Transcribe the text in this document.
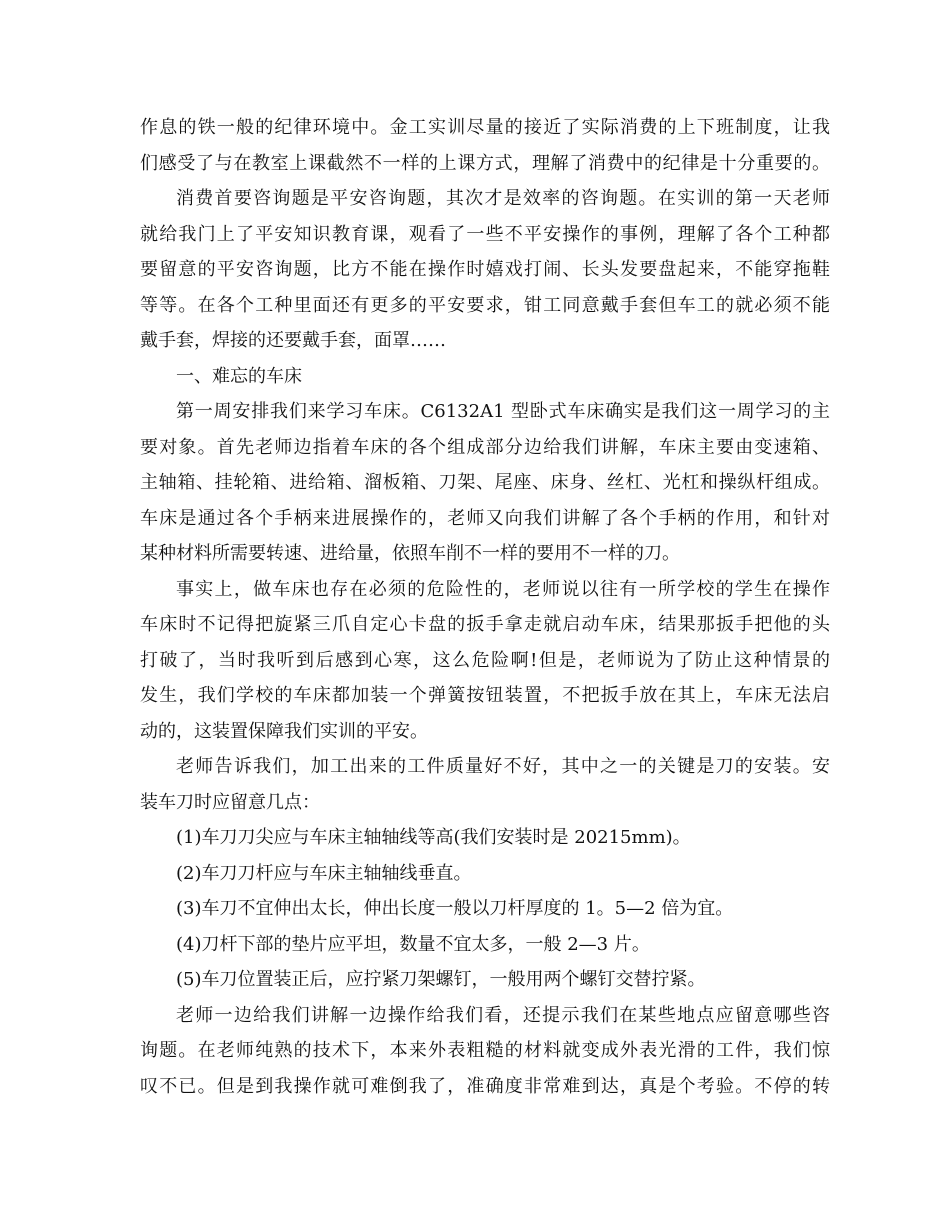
作息的铁一般的纪律环境中。金工实训尽量的接近了实际消费的上下班制度，让我
们感受了与在教室上课截然不一样的上课方式，理解了消费中的纪律是十分重要的。
消费首要咨询题是平安咨询题，其次才是效率的咨询题。在实训的第一天老师
就给我门上了平安知识教育课，观看了一些不平安操作的事例，理解了各个工种都
要留意的平安咨询题，比方不能在操作时嬉戏打闹、长头发要盘起来，不能穿拖鞋
等等。在各个工种里面还有更多的平安要求，钳工同意戴手套但车工的就必须不能
戴手套，焊接的还要戴手套，面罩……
一、难忘的车床
第一周安排我们来学习车床。C6132A1 型卧式车床确实是我们这一周学习的主
要对象。首先老师边指着车床的各个组成部分边给我们讲解，车床主要由变速箱、
主轴箱、挂轮箱、进给箱、溜板箱、刀架、尾座、床身、丝杠、光杠和操纵杆组成。
车床是通过各个手柄来进展操作的，老师又向我们讲解了各个手柄的作用，和针对
某种材料所需要转速、进给量，依照车削不一样的要用不一样的刀。
事实上，做车床也存在必须的危险性的，老师说以往有一所学校的学生在操作
车床时不记得把旋紧三爪自定心卡盘的扳手拿走就启动车床，结果那扳手把他的头
打破了，当时我听到后感到心寒，这么危险啊!但是，老师说为了防止这种情景的
发生，我们学校的车床都加装一个弹簧按钮装置，不把扳手放在其上，车床无法启
动的，这装置保障我们实训的平安。
老师告诉我们，加工出来的工件质量好不好，其中之一的关键是刀的安装。安
装车刀时应留意几点：
(1)车刀刀尖应与车床主轴轴线等高(我们安装时是 20215mm)。
(2)车刀刀杆应与车床主轴轴线垂直。
(3)车刀不宜伸出太长，伸出长度一般以刀杆厚度的 1。5—2 倍为宜。
(4)刀杆下部的垫片应平坦，数量不宜太多，一般 2—3 片。
(5)车刀位置装正后，应拧紧刀架螺钉，一般用两个螺钉交替拧紧。
老师一边给我们讲解一边操作给我们看，还提示我们在某些地点应留意哪些咨
询题。在老师纯熟的技术下，本来外表粗糙的材料就变成外表光滑的工件，我们惊
叹不已。但是到我操作就可难倒我了，准确度非常难到达，真是个考验。不停的转
